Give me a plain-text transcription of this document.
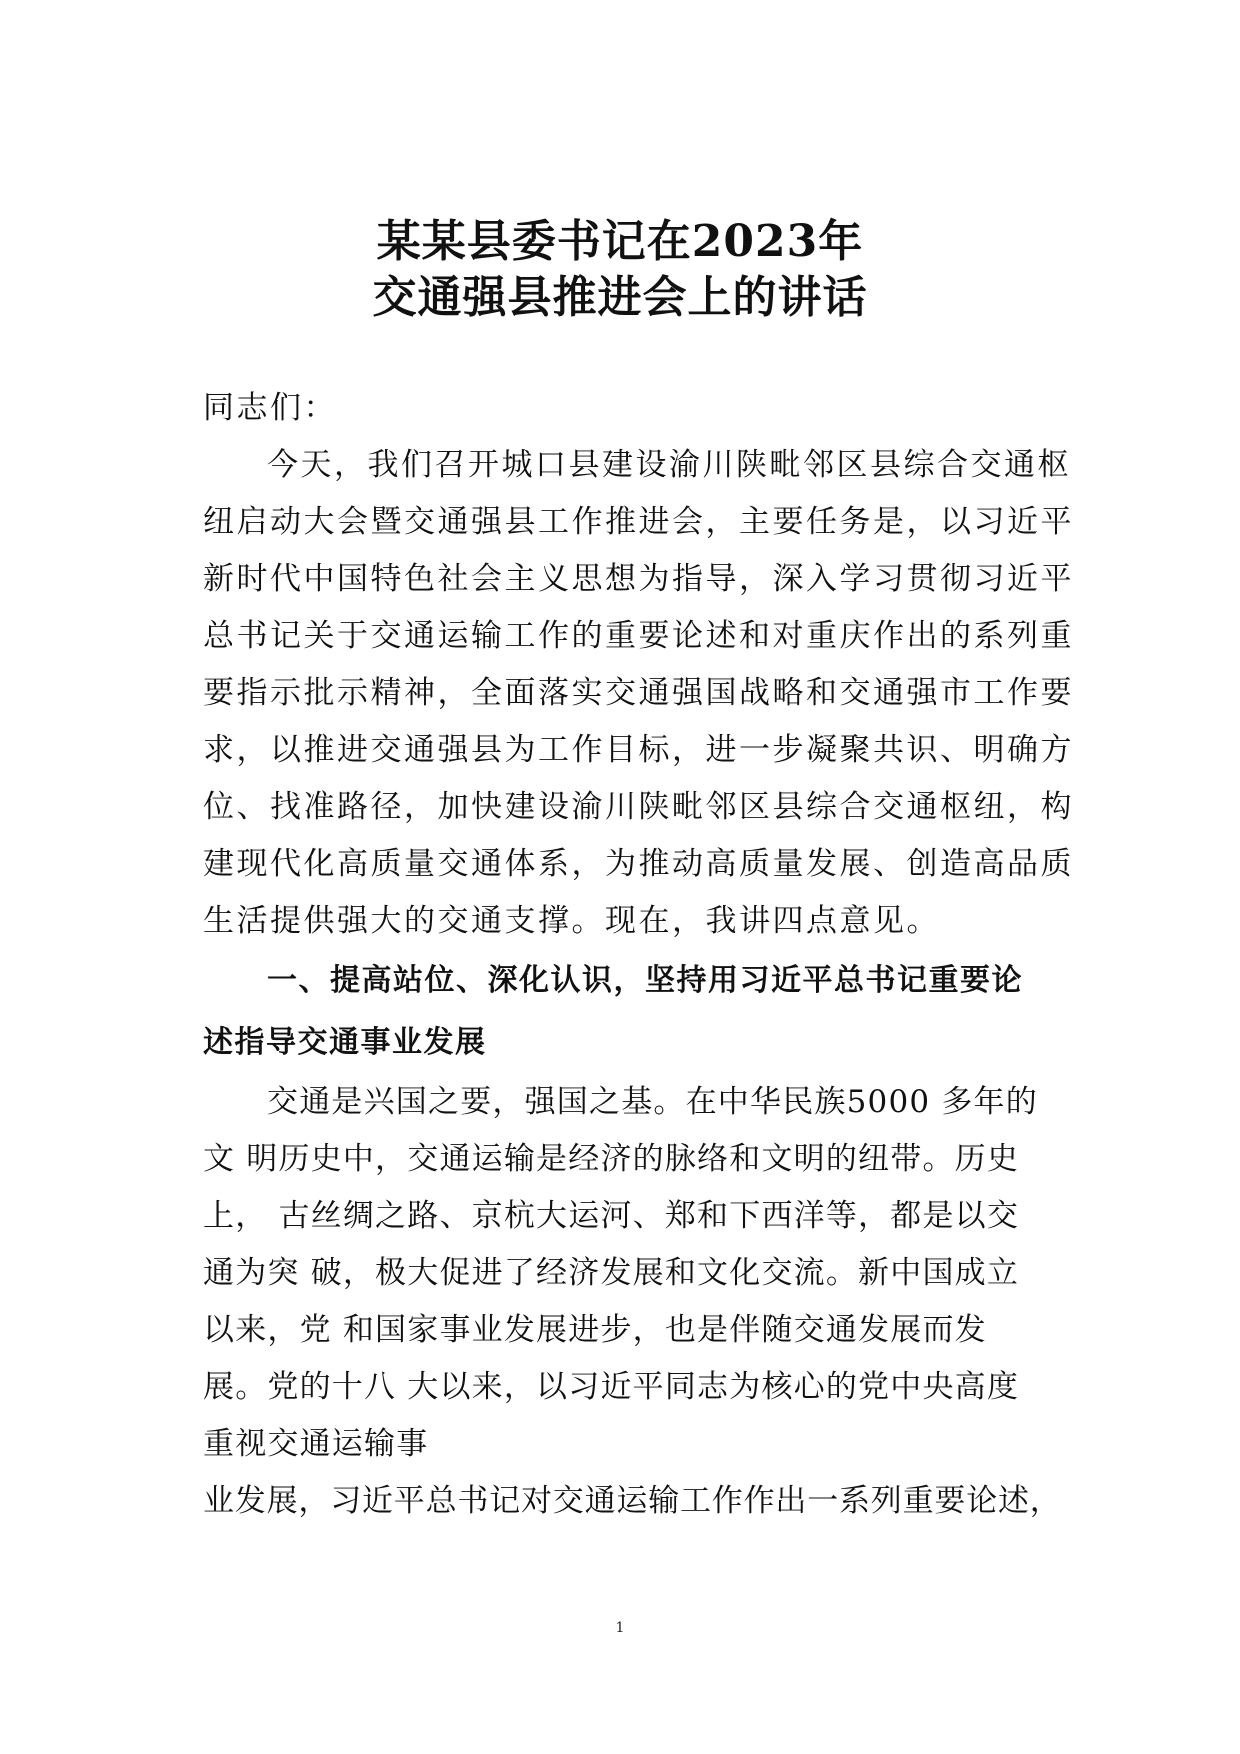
某某县委书记在2023年
交通强县推进会上的讲话
同志们：
今天，我们召开城口县建设渝川陕毗邻区县综合交通枢
纽启动大会暨交通强县工作推进会，主要任务是，以习近平
新时代中国特色社会主义思想为指导，深入学习贯彻习近平
总书记关于交通运输工作的重要论述和对重庆作出的系列重
要指示批示精神，全面落实交通强国战略和交通强市工作要
求，以推进交通强县为工作目标，进一步凝聚共识、明确方
位、找准路径，加快建设渝川陕毗邻区县综合交通枢纽，构
建现代化高质量交通体系，为推动高质量发展、创造高品质
生活提供强大的交通支撑。现在，我讲四点意见。
一、提高站位、深化认识，坚持用习近平总书记重要论
述指导交通事业发展
交通是兴国之要，强国之基。在中华民族5000 多年的
文 明历史中，交通运输是经济的脉络和文明的纽带。历史
上， 古丝绸之路、京杭大运河、郑和下西洋等，都是以交
通为突 破，极大促进了经济发展和文化交流。新中国成立
以来，党 和国家事业发展进步，也是伴随交通发展而发
展。党的十八 大以来，以习近平同志为核心的党中央高度
重视交通运输事
业发展，习近平总书记对交通运输工作作出一系列重要论述，
1
